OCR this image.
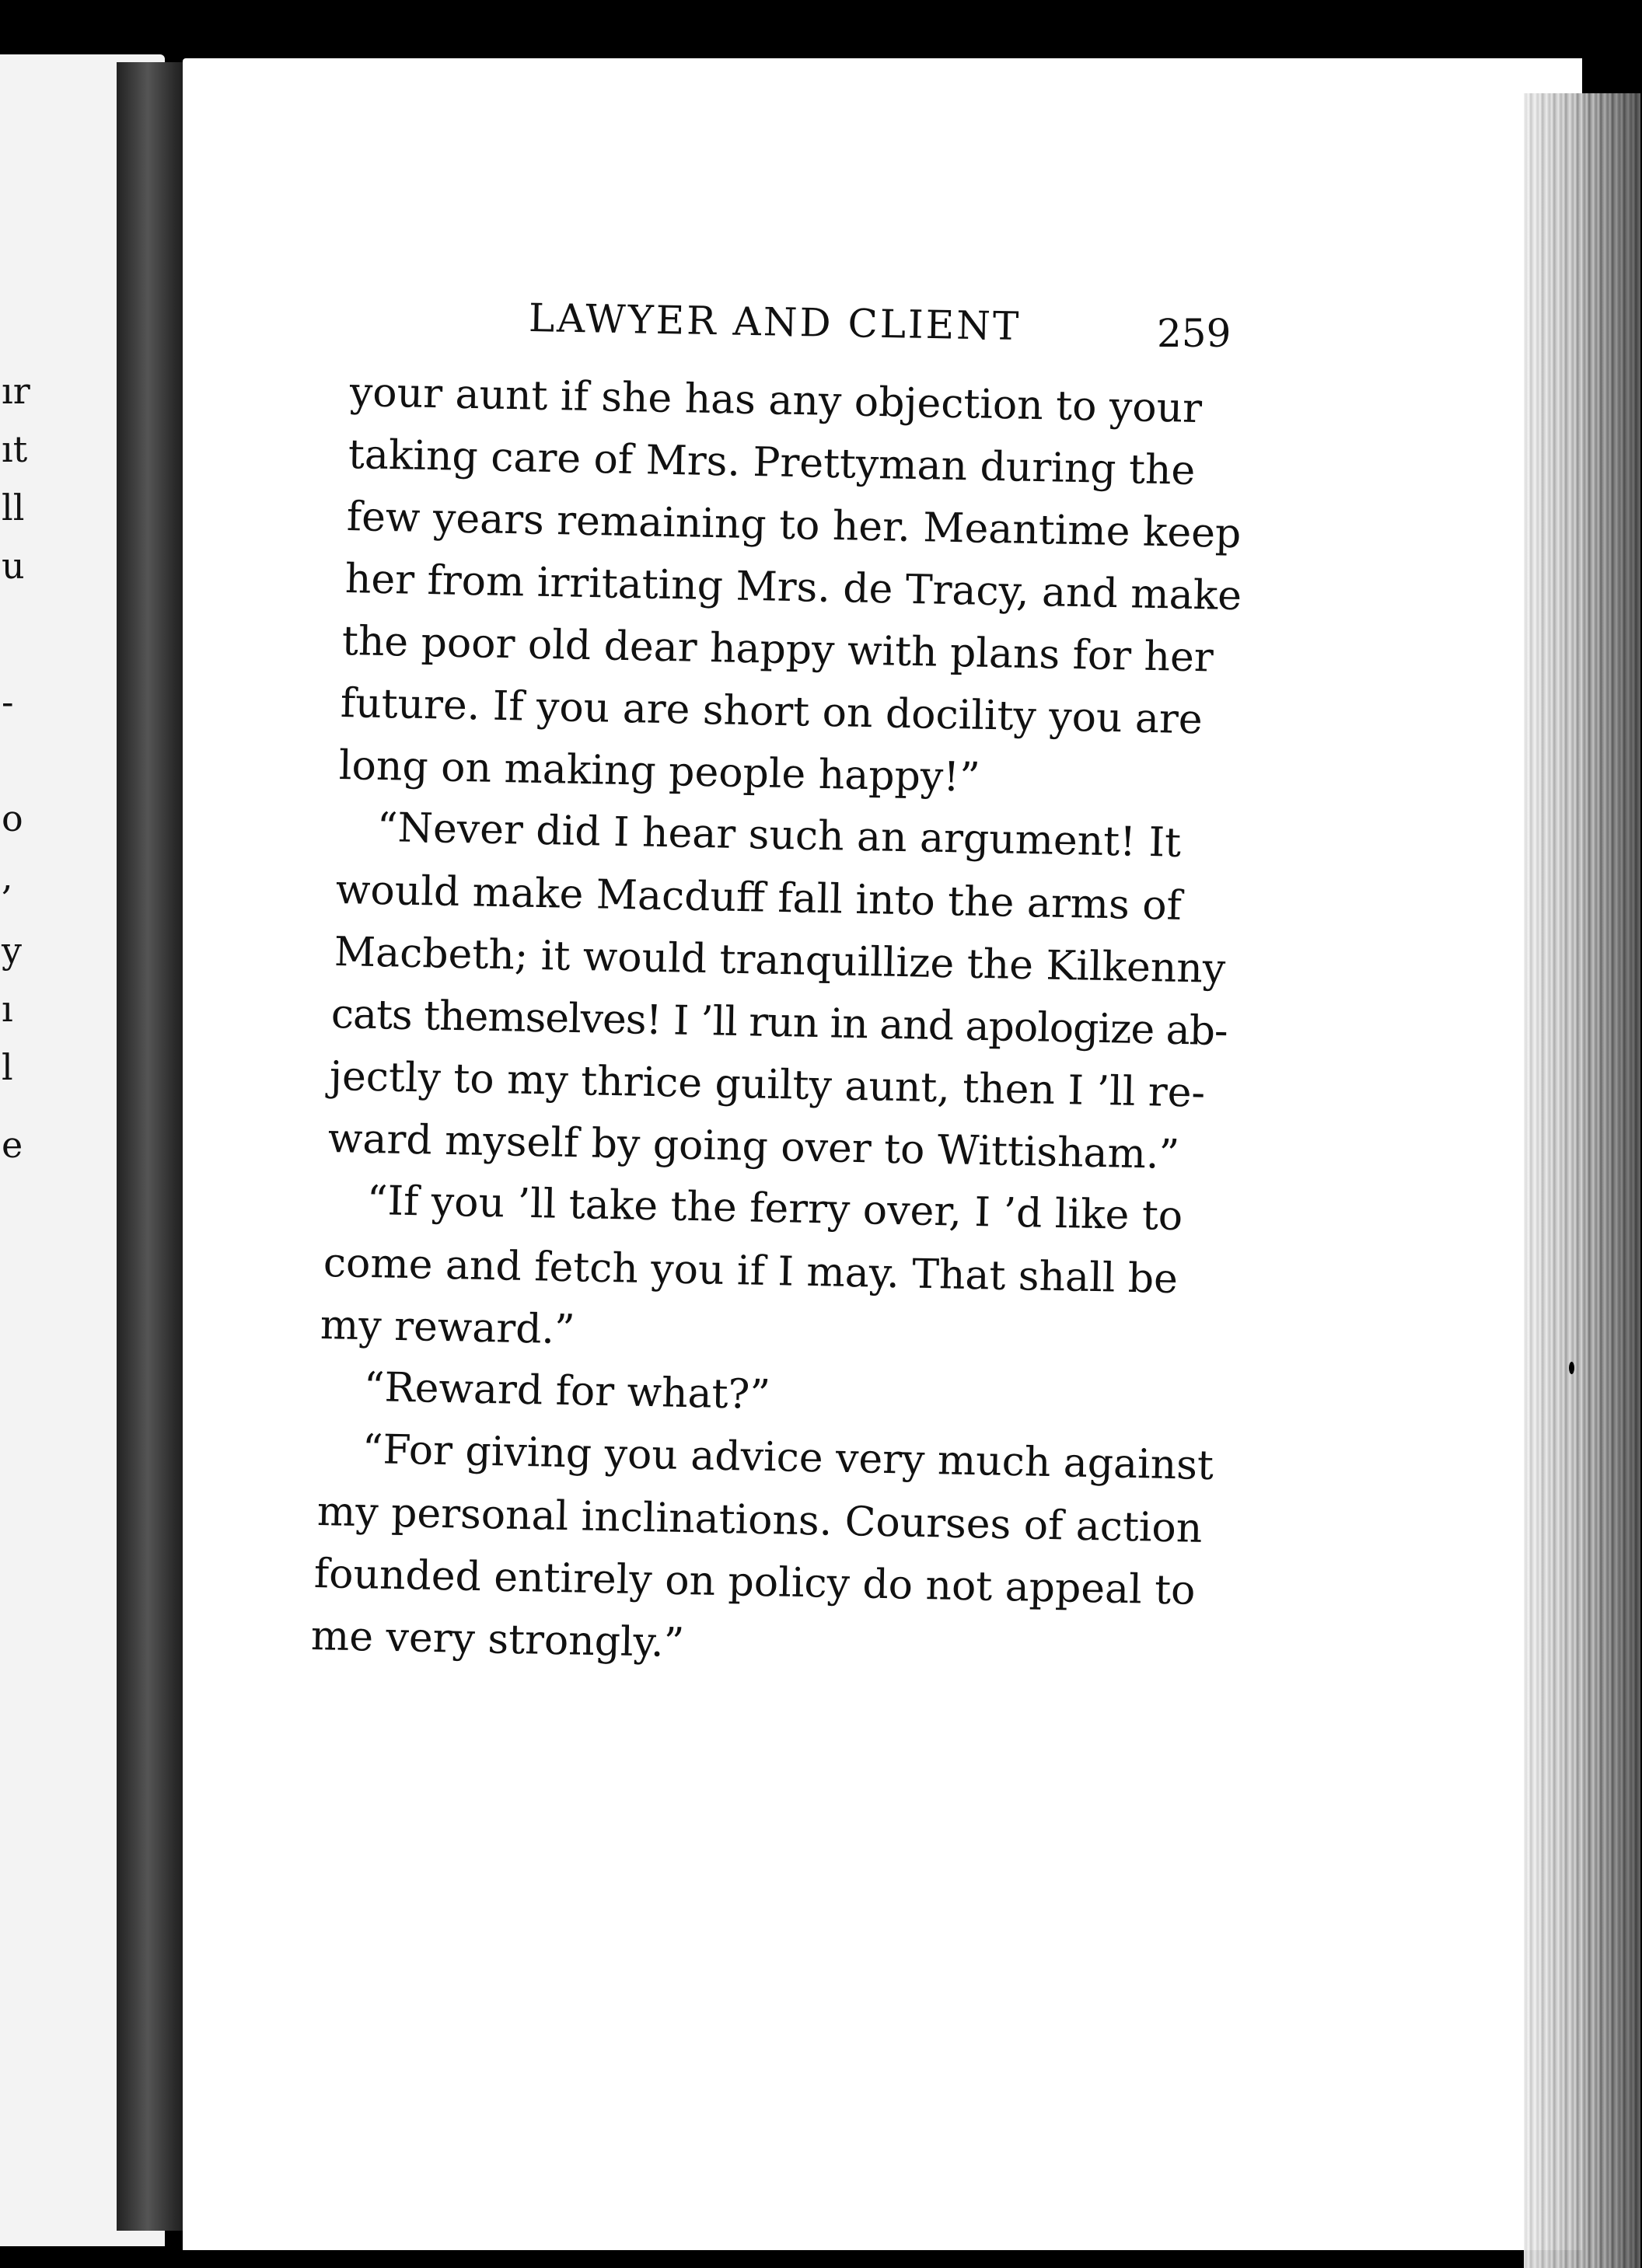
ır
ıt
ll
u
-
o
,
y
ı
l
e
LAWYER AND CLIENT	259
your aunt if she has any objection to your
taking care of Mrs. Prettyman during the
few years remaining to her. Meantime keep
her from irritating Mrs. de Tracy, and make
the poor old dear happy with plans for her
future. If you are short on docility you are
long on making people happy!”
“Never did I hear such an argument! It
would make Macduff fall into the arms of
Macbeth; it would tranquillize the Kilkenny
cats themselves! I ’ll run in and apologize ab-
jectly to my thrice guilty aunt, then I ’ll re-
ward myself by going over to Wittisham.”
“If you ’ll take the ferry over, I ’d like to
come and fetch you if I may. That shall be
my reward.”
“Reward for what?”
“For giving you advice very much against
my personal inclinations. Courses of action
founded entirely on policy do not appeal to
me very strongly.”
